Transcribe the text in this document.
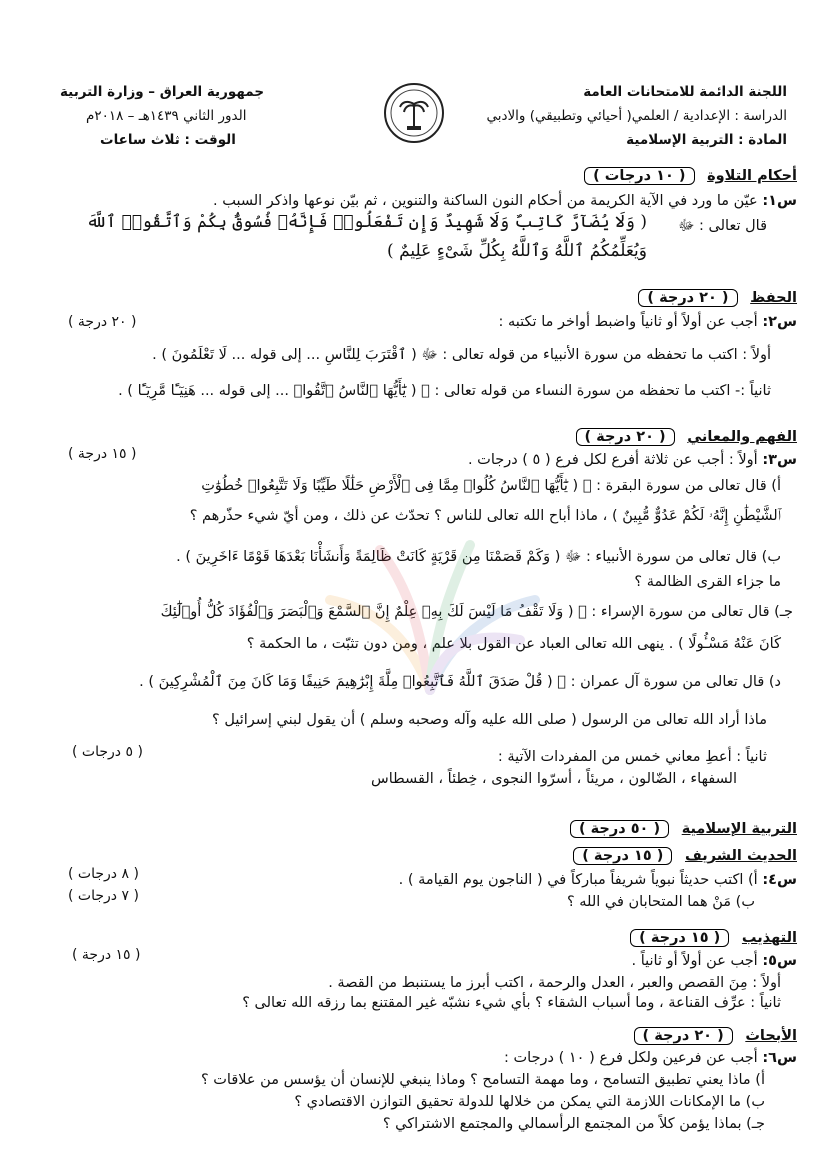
اللجنة الدائمة للامتحانات العامة
الدراسة : الإعدادية / العلمي( أحيائي وتطبيقي) والادبي
المادة : التربية الإسلامية
جمهورية العراق – وزارة التربية
الدور الثاني ١٤٣٩هـ – ٢٠١٨م
الوقت : ثلاث ساعات
أحكام التلاوة ( ١٠ درجات )
س١: عيّن ما ورد في الآية الكريمة من أحكام النون الساكنة والتنوين ، ثم بيّن نوعها واذكر السبب .
قال تعالى : ﷻ
( وَلَا يُضَآرَّ كَاتِبٌ وَلَا شَهِيدٌ وَإِن تَفْعَلُوا۟ فَإِنَّهُۥ فُسُوقٌۢ بِكُمْ وَٱتَّقُوا۟ ٱللَّهَ
وَيُعَلِّمُكُمُ ٱللَّهُ وَٱللَّهُ بِكُلِّ شَىْءٍ عَلِيمٌ )
الحفظ ( ٢٠ درجة )
س٢: أجب عن أولاً أو ثانياً واضبط أواخر ما تكتبه :
( ٢٠ درجة )
أولاً : اكتب ما تحفظه من سورة الأنبياء من قوله تعالى : ﷻ ( ٱقْتَرَبَ لِلنَّاسِ ... إلى قوله ... لَا تَعْلَمُونَ ) .
ثانياً :- اكتب ما تحفظه من سورة النساء من قوله تعالى : ﷻ ( يَٰٓأَيُّهَا ٱلنَّاسُ ٱتَّقُوا۟ ... إلى قوله ... هَنِيٓـًٔا مَّرِيٓـًٔا ) .
الفهم والمعاني ( ٢٠ درجة )
س٣: أولاً : أجب عن ثلاثة أفرع لكل فرع ( ٥ ) درجات .
( ١٥ درجة )
أ) قال تعالى من سورة البقرة : ﷻ ( يَٰٓأَيُّهَا ٱلنَّاسُ كُلُوا۟ مِمَّا فِى ٱلْأَرْضِ حَلَٰلًا طَيِّبًا وَلَا تَتَّبِعُوا۟ خُطُوَٰتِ
ٱلشَّيْطَٰنِ إِنَّهُۥ لَكُمْ عَدُوٌّ مُّبِينٌ ) ، ماذا أباح الله تعالى للناس ؟ تحدّث عن ذلك ، ومن أيّ شيء حذّرهم ؟
ب) قال تعالى من سورة الأنبياء : ﷻ ( وَكَمْ قَصَمْنَا مِن قَرْيَةٍ كَانَتْ ظَالِمَةً وَأَنشَأْنَا بَعْدَهَا قَوْمًا ءَاخَرِينَ ) .
ما جزاء القرى الظالمة ؟
جـ) قال تعالى من سورة الإسراء : ﷻ ( وَلَا تَقْفُ مَا لَيْسَ لَكَ بِهِۦ عِلْمٌ إِنَّ ٱلسَّمْعَ وَٱلْبَصَرَ وَٱلْفُؤَادَ كُلُّ أُو۟لَٰٓئِكَ
كَانَ عَنْهُ مَسْـُٔولًا ) . ينهى الله تعالى العباد عن القول بلا علم ، ومن دون تثبّت ، ما الحكمة ؟
د) قال تعالى من سورة آل عمران : ﷻ ( قُلْ صَدَقَ ٱللَّهُ فَٱتَّبِعُوا۟ مِلَّةَ إِبْرَٰهِيمَ حَنِيفًا وَمَا كَانَ مِنَ ٱلْمُشْرِكِينَ ) .
ماذا أراد الله تعالى من الرسول ( صلى الله عليه وآله وصحبه وسلم ) أن يقول لبني إسرائيل ؟
ثانياً : أعطِ معاني خمس من المفردات الآتية :
( ٥ درجات )
السفهاء ، الضّالون ، مريئاً ، أسرّوا النجوى ، خِطئاً ، القسطاس
التربية الإسلامية ( ٥٠ درجة )
الحديث الشريف ( ١٥ درجة )
س٤: أ) اكتب حديثاً نبوياً شريفاً مباركاً في ( الناجون يوم القيامة ) .
( ٨ درجات )
ب) مَنْ هما المتحابان في الله ؟
( ٧ درجات )
التهذيب ( ١٥ درجة )
س٥: أجب عن أولاً أو ثانياً .
( ١٥ درجة )
أولاً : مِنَ القصص والعبر ، العدل والرحمة ، اكتب أبرز ما يستنبط من القصة .
ثانياً : عرِّف القناعة ، وما أسباب الشقاء ؟ بأي شيء نشبّه غير المقتنع بما رزقه الله تعالى ؟
الأبحاث ( ٢٠ درجة )
س٦: أجب عن فرعين ولكل فرع ( ١٠ ) درجات :
أ) ماذا يعني تطبيق التسامح ، وما مهمة التسامح ؟ وماذا ينبغي للإنسان أن يؤسس من علاقات ؟
ب) ما الإمكانات اللازمة التي يمكن من خلالها للدولة تحقيق التوازن الاقتصادي ؟
جـ) بماذا يؤمن كلاً من المجتمع الرأسمالي والمجتمع الاشتراكي ؟
